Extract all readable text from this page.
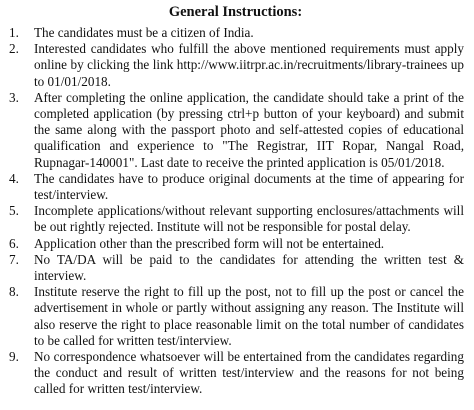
General Instructions:
1.	The candidates must be a citizen of India.
2.	Interested candidates who fulfill the above mentioned requirements must apply online by clicking the link http://www.iitrpr.ac.in/recruitments/library-trainees up to 01/01/2018.
3.	After completing the online application, the candidate should take a print of the completed application (by pressing ctrl+p button of your keyboard) and submit the same along with the passport photo and self-attested copies of educational qualification and experience to "The Registrar, IIT Ropar, Nangal Road, Rupnagar-140001". Last date to receive the printed application is 05/01/2018.
4.	The candidates have to produce original documents at the time of appearing for test/interview.
5.	Incomplete applications/without relevant supporting enclosures/attachments will be out rightly rejected. Institute will not be responsible for postal delay.
6.	Application other than the prescribed form will not be entertained.
7.	No TA/DA will be paid to the candidates for attending the written test & interview.
8.	Institute reserve the right to fill up the post, not to fill up the post or cancel the advertisement in whole or partly without assigning any reason. The Institute will also reserve the right to place reasonable limit on the total number of candidates to be called for written test/interview.
9.	No correspondence whatsoever will be entertained from the candidates regarding the conduct and result of written test/interview and the reasons for not being called for written test/interview.
